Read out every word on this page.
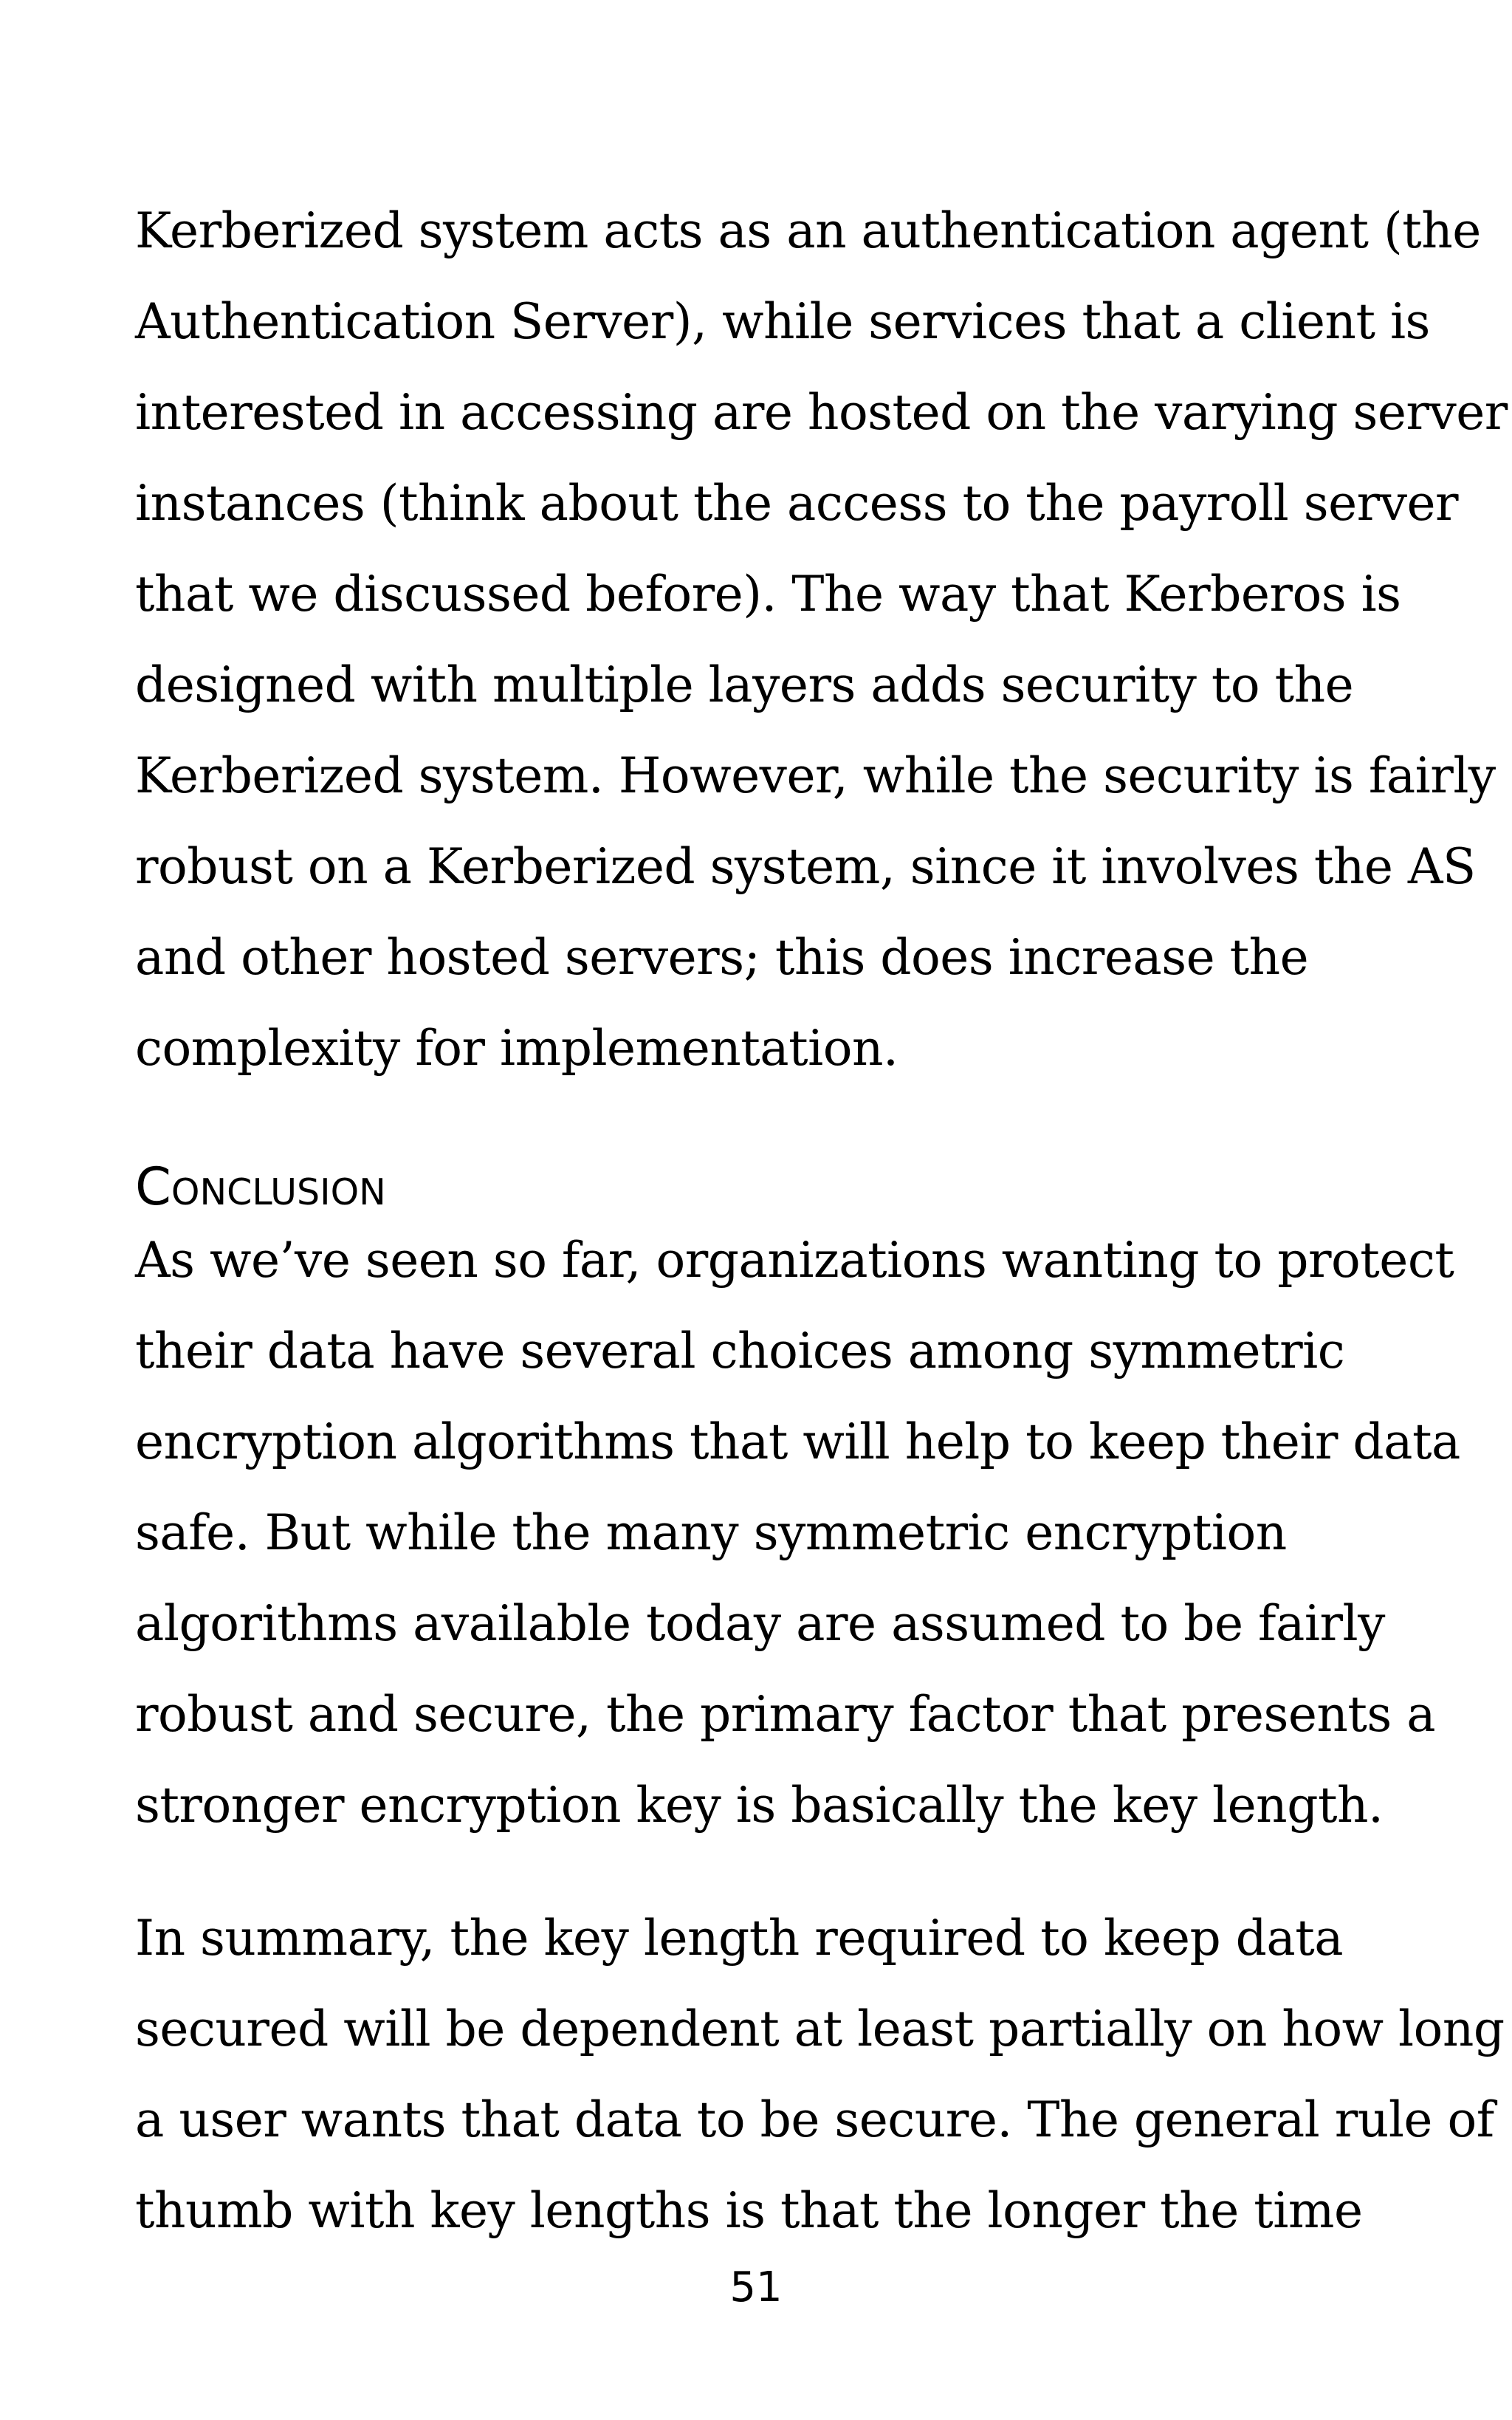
Kerberized system acts as an authentication agent (the

Authentication Server), while services that a client is

interested in accessing are hosted on the varying server

instances (think about the access to the payroll server

that we discussed before). The way that Kerberos is

designed with multiple layers adds security to the

Kerberized system. However, while the security is fairly

robust on a Kerberized system, since it involves the AS

and other hosted servers; this does increase the

complexity for implementation.

Conclusion

As we’ve seen so far, organizations wanting to protect

their data have several choices among symmetric

encryption algorithms that will help to keep their data

safe. But while the many symmetric encryption

algorithms available today are assumed to be fairly

robust and secure, the primary factor that presents a

stronger encryption key is basically the key length.

In summary, the key length required to keep data

secured will be dependent at least partially on how long

a user wants that data to be secure. The general rule of

thumb with key lengths is that the longer the time

51
